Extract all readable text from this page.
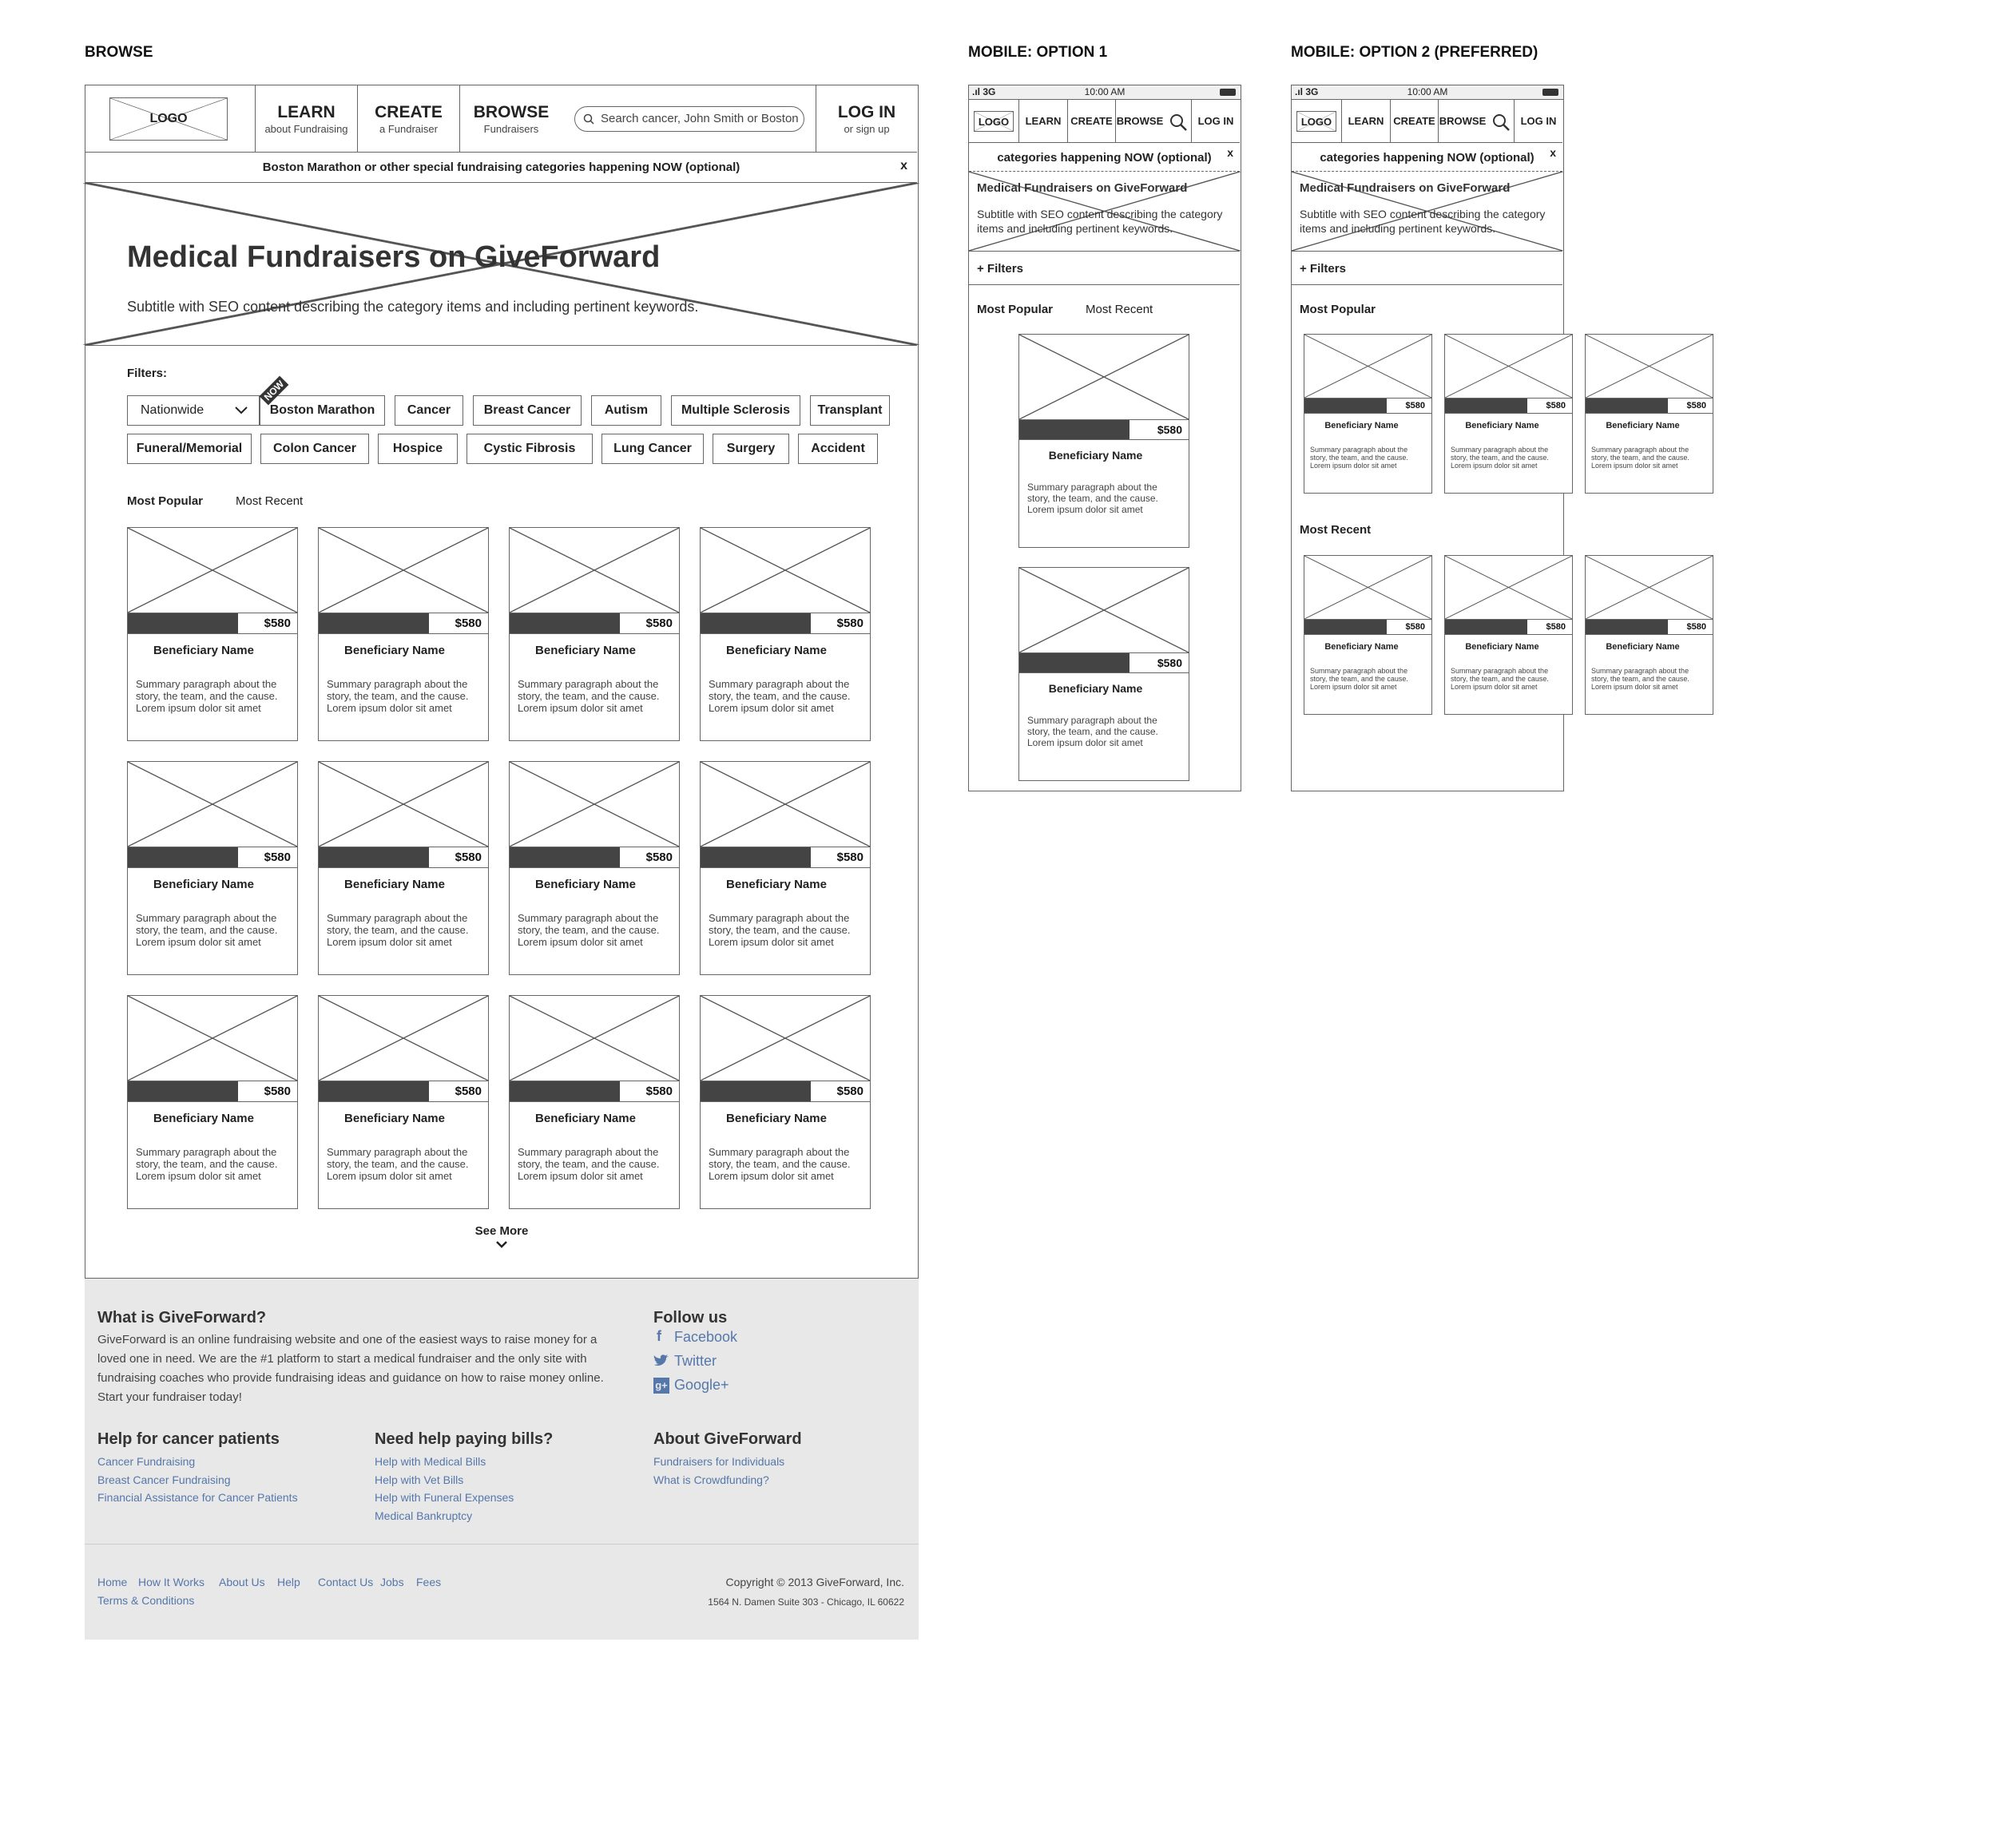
BROWSE	MOBILE: OPTION 1	MOBILE: OPTION 2 (PREFERRED)
LOGO	LEARN
about Fundraising
CREATE
a Fundraiser
BROWSE
Fundraisers
Search cancer, John Smith or Boston	LOG IN
or sign up
Boston Marathon or other special fundraising categories happening NOW (optional)	x
Medical Fundraisers on GiveForward
Subtitle with SEO content describing the category items and including pertinent keywords.
Filters:
Nationwide	Boston Marathon	Cancer	Breast Cancer	Autism	Multiple Sclerosis	Transplant
Funeral/Memorial	Colon Cancer	Hospice	Cystic Fibrosis	Lung Cancer	Surgery	Accident
NOW
Most Popular	Most Recent
$580
Beneficiary Name
Summary paragraph about the story, the team, and the cause. Lorem ipsum dolor sit amet
$580
Beneficiary Name
Summary paragraph about the story, the team, and the cause. Lorem ipsum dolor sit amet
$580
Beneficiary Name
Summary paragraph about the story, the team, and the cause. Lorem ipsum dolor sit amet
$580
Beneficiary Name
Summary paragraph about the story, the team, and the cause. Lorem ipsum dolor sit amet
$580
Beneficiary Name
Summary paragraph about the story, the team, and the cause. Lorem ipsum dolor sit amet
$580
Beneficiary Name
Summary paragraph about the story, the team, and the cause. Lorem ipsum dolor sit amet
$580
Beneficiary Name
Summary paragraph about the story, the team, and the cause. Lorem ipsum dolor sit amet
$580
Beneficiary Name
Summary paragraph about the story, the team, and the cause. Lorem ipsum dolor sit amet
$580
Beneficiary Name
Summary paragraph about the story, the team, and the cause. Lorem ipsum dolor sit amet
$580
Beneficiary Name
Summary paragraph about the story, the team, and the cause. Lorem ipsum dolor sit amet
$580
Beneficiary Name
Summary paragraph about the story, the team, and the cause. Lorem ipsum dolor sit amet
$580
Beneficiary Name
Summary paragraph about the story, the team, and the cause. Lorem ipsum dolor sit amet
See More

What is GiveForward?
GiveForward is an online fundraising website and one of the easiest ways to raise money for a loved one in need. We are the #1 platform to start a medical fundraiser and the only site with fundraising coaches who provide fundraising ideas and guidance on how to raise money online. Start your fundraiser today!
Follow us
f Facebook
Twitter
g+ Google+
Help for cancer patients
Cancer Fundraising
Breast Cancer Fundraising
Financial Assistance for Cancer Patients
Need help paying bills?
Help with Medical Bills
Help with Vet Bills
Help with Funeral Expenses
Medical Bankruptcy
About GiveForward
Fundraisers for Individuals
What is Crowdfunding?
Home How It Works About Us Help Contact Us Jobs Fees
Terms & Conditions
Copyright © 2013 GiveForward, Inc.
1564 N. Damen Suite 303 - Chicago, IL 60622
.ıl 3G	10:00 AM
LOGO	LEARN CREATE BROWSE	LOG IN
categories happening NOW (optional)	x
Medical Fundraisers on GiveForward
Subtitle with SEO content describing the category items and including pertinent keywords.
+ Filters
Most Popular	Most Recent
$580
Beneficiary Name
Summary paragraph about the story, the team, and the cause. Lorem ipsum dolor sit amet
$580
Beneficiary Name
Summary paragraph about the story, the team, and the cause. Lorem ipsum dolor sit amet
.ıl 3G	10:00 AM
LOGO	LEARN CREATE BROWSE	LOG IN
categories happening NOW (optional)	x
Medical Fundraisers on GiveForward
Subtitle with SEO content describing the category items and including pertinent keywords.
+ Filters
Most Popular
$580
Beneficiary Name
Summary paragraph about the story, the team, and the cause. Lorem ipsum dolor sit amet
$580
Beneficiary Name
Summary paragraph about the story, the team, and the cause. Lorem ipsum dolor sit amet
$580
Beneficiary Name
Summary paragraph about the story, the team, and the cause. Lorem ipsum dolor sit amet
Most Recent
$580
Beneficiary Name
Summary paragraph about the story, the team, and the cause. Lorem ipsum dolor sit amet
$580
Beneficiary Name
Summary paragraph about the story, the team, and the cause. Lorem ipsum dolor sit amet
$580
Beneficiary Name
Summary paragraph about the story, the team, and the cause. Lorem ipsum dolor sit amet
